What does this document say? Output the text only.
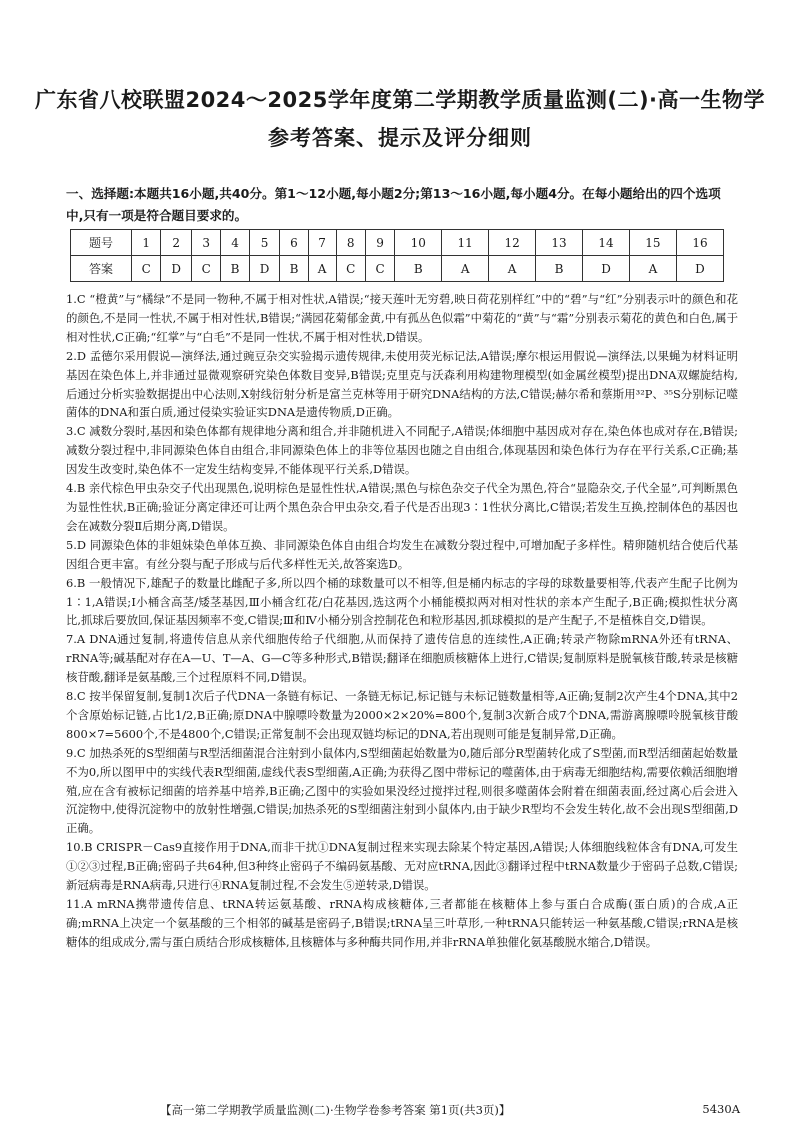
广东省八校联盟2024～2025学年度第二学期教学质量监测(二)·高一生物学
参考答案、提示及评分细则
一、选择题:本题共16小题,共40分。第1～12小题,每小题2分;第13～16小题,每小题4分。在每小题给出的四个选项中,只有一项是符合题目要求的。
题号	1	2	3	4	5	6	7	8	9	10	11	12	13	14	15	16
答案	C	D	C	B	D	B	A	C	C	B	A	A	B	D	A	D

1.C “橙黄”与“橘绿”不是同一物种,不属于相对性状,A错误;“接天莲叶无穷碧,映日荷花别样红”中的“碧”与“红”分别表示叶的颜色和花的颜色,不是同一性状,不属于相对性状,B错误;“满园花菊郁金黄,中有孤丛色似霜”中菊花的“黄”与“霜”分别表示菊花的黄色和白色,属于相对性状,C正确;“红掌”与“白毛”不是同一性状,不属于相对性状,D错误。

2.D 孟德尔采用假说—演绎法,通过豌豆杂交实验揭示遗传规律,未使用荧光标记法,A错误;摩尔根运用假说—演绎法,以果蝇为材料证明基因在染色体上,并非通过显微观察研究染色体数目变异,B错误;克里克与沃森利用构建物理模型(如金属丝模型)提出DNA双螺旋结构,后通过分析实验数据提出中心法则,X射线衍射分析是富兰克林等用于研究DNA结构的方法,C错误;赫尔希和蔡斯用³²P、³⁵S分别标记噬菌体的DNA和蛋白质,通过侵染实验证实DNA是遗传物质,D正确。

3.C 减数分裂时,基因和染色体都有规律地分离和组合,并非随机进入不同配子,A错误;体细胞中基因成对存在,染色体也成对存在,B错误;减数分裂过程中,非同源染色体自由组合,非同源染色体上的非等位基因也随之自由组合,体现基因和染色体行为存在平行关系,C正确;基因发生改变时,染色体不一定发生结构变异,不能体现平行关系,D错误。

4.B 亲代棕色甲虫杂交子代出现黑色,说明棕色是显性性状,A错误;黑色与棕色杂交子代全为黑色,符合“显隐杂交,子代全显”,可判断黑色为显性性状,B正确;验证分离定律还可让两个黑色杂合甲虫杂交,看子代是否出现3∶1性状分离比,C错误;若发生互换,控制体色的基因也会在减数分裂Ⅱ后期分离,D错误。

5.D 同源染色体的非姐妹染色单体互换、非同源染色体自由组合均发生在减数分裂过程中,可增加配子多样性。精卵随机结合使后代基因组合更丰富。有丝分裂与配子形成与后代多样性无关,故答案选D。

6.B 一般情况下,雄配子的数量比雌配子多,所以四个桶的球数量可以不相等,但是桶内标志的字母的球数量要相等,代表产生配子比例为1∶1,A错误;Ⅰ小桶含高茎/矮茎基因,Ⅲ小桶含红花/白花基因,选这两个小桶能模拟两对相对性状的亲本产生配子,B正确;模拟性状分离比,抓球后要放回,保证基因频率不变,C错误;Ⅲ和Ⅳ小桶分别含控制花色和粒形基因,抓球模拟的是产生配子,不是植株自交,D错误。

7.A DNA通过复制,将遗传信息从亲代细胞传给子代细胞,从而保持了遗传信息的连续性,A正确;转录产物除mRNA外还有tRNA、rRNA等;碱基配对存在A—U、T—A、G—C等多种形式,B错误;翻译在细胞质核糖体上进行,C错误;复制原料是脱氧核苷酸,转录是核糖核苷酸,翻译是氨基酸,三个过程原料不同,D错误。

8.C 按半保留复制,复制1次后子代DNA一条链有标记、一条链无标记,标记链与未标记链数量相等,A正确;复制2次产生4个DNA,其中2个含原始标记链,占比1/2,B正确;原DNA中腺嘌呤数量为2000×2×20%=800个,复制3次新合成7个DNA,需游离腺嘌呤脱氧核苷酸800×7=5600个,不是4800个,C错误;正常复制不会出现双链均标记的DNA,若出现则可能是复制异常,D正确。

9.C 加热杀死的S型细菌与R型活细菌混合注射到小鼠体内,S型细菌起始数量为0,随后部分R型菌转化成了S型菌,而R型活细菌起始数量不为0,所以图甲中的实线代表R型细菌,虚线代表S型细菌,A正确;为获得乙图中带标记的噬菌体,由于病毒无细胞结构,需要依赖活细胞增殖,应在含有被标记细菌的培养基中培养,B正确;乙图中的实验如果没经过搅拌过程,则很多噬菌体会附着在细菌表面,经过离心后会进入沉淀物中,使得沉淀物中的放射性增强,C错误;加热杀死的S型细菌注射到小鼠体内,由于缺少R型均不会发生转化,故不会出现S型细菌,D正确。

10.B CRISPR－Cas9直接作用于DNA,而非干扰①DNA复制过程来实现去除某个特定基因,A错误;人体细胞线粒体含有DNA,可发生①②③过程,B正确;密码子共64种,但3种终止密码子不编码氨基酸、无对应tRNA,因此③翻译过程中tRNA数量少于密码子总数,C错误;新冠病毒是RNA病毒,只进行④RNA复制过程,不会发生⑤逆转录,D错误。

11.A mRNA携带遗传信息、tRNA转运氨基酸、rRNA构成核糖体,三者都能在核糖体上参与蛋白合成酶(蛋白质)的合成,A正确;mRNA上决定一个氨基酸的三个相邻的碱基是密码子,B错误;tRNA呈三叶草形,一种tRNA只能转运一种氨基酸,C错误;rRNA是核糖体的组成成分,需与蛋白质结合形成核糖体,且核糖体与多种酶共同作用,并非rRNA单独催化氨基酸脱水缩合,D错误。

【高一第二学期教学质量监测(二)·生物学卷参考答案 第1页(共3页)】	5430A
